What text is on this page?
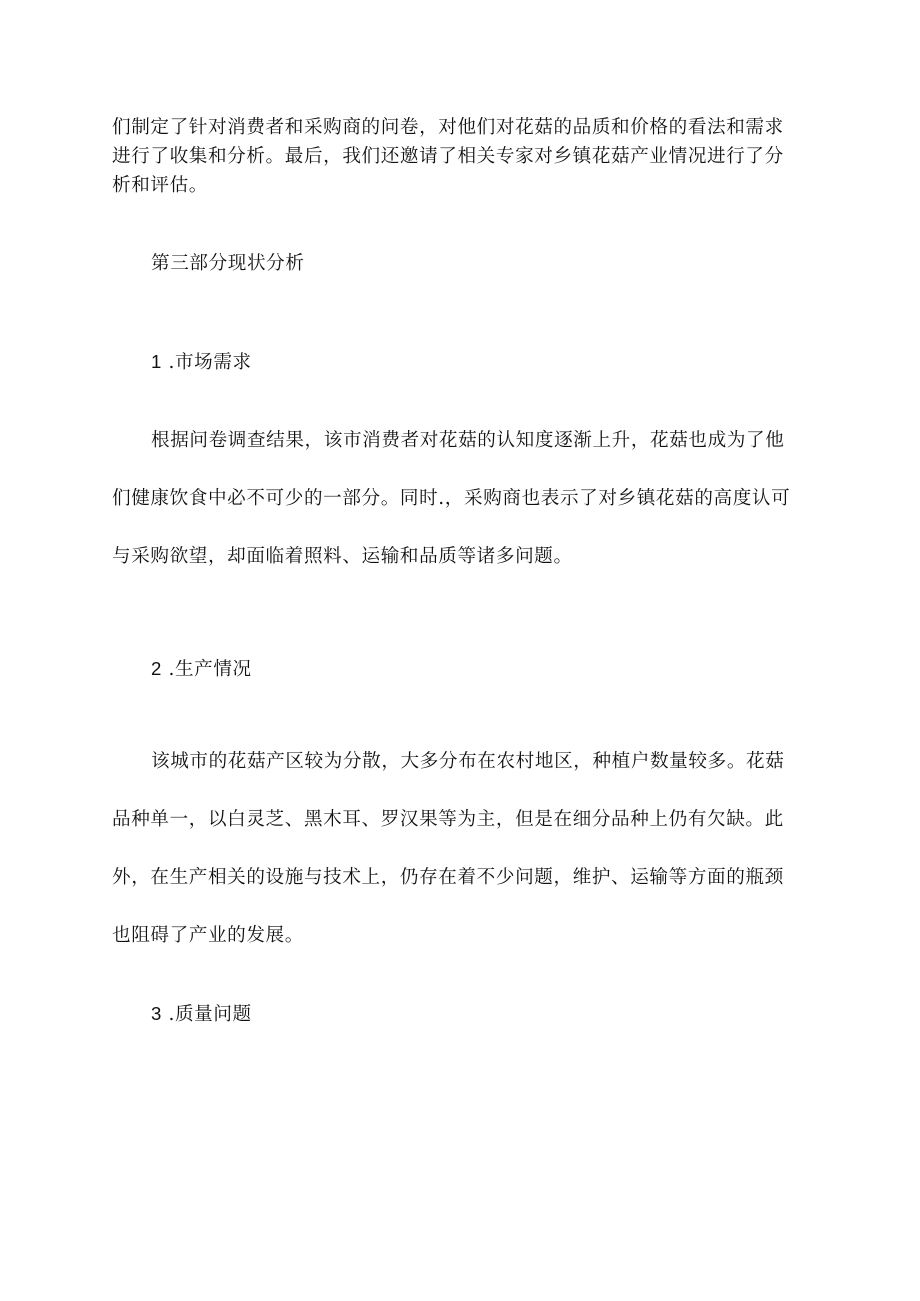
们制定了针对消费者和采购商的问卷，对他们对花菇的品质和价格的看法和需求
进行了收集和分析。最后，我们还邀请了相关专家对乡镇花菇产业情况进行了分
析和评估。

第三部分现状分析

1 .市场需求

根据问卷调查结果，该市消费者对花菇的认知度逐渐上升，花菇也成为了他
们健康饮食中必不可少的一部分。同时.，采购商也表示了对乡镇花菇的高度认可
与采购欲望，却面临着照料、运输和品质等诸多问题。

2 .生产情况

该城市的花菇产区较为分散，大多分布在农村地区，种植户数量较多。花菇
品种单一，以白灵芝、黑木耳、罗汉果等为主，但是在细分品种上仍有欠缺。此
外，在生产相关的设施与技术上，仍存在着不少问题，维护、运输等方面的瓶颈
也阻碍了产业的发展。

3 .质量问题
